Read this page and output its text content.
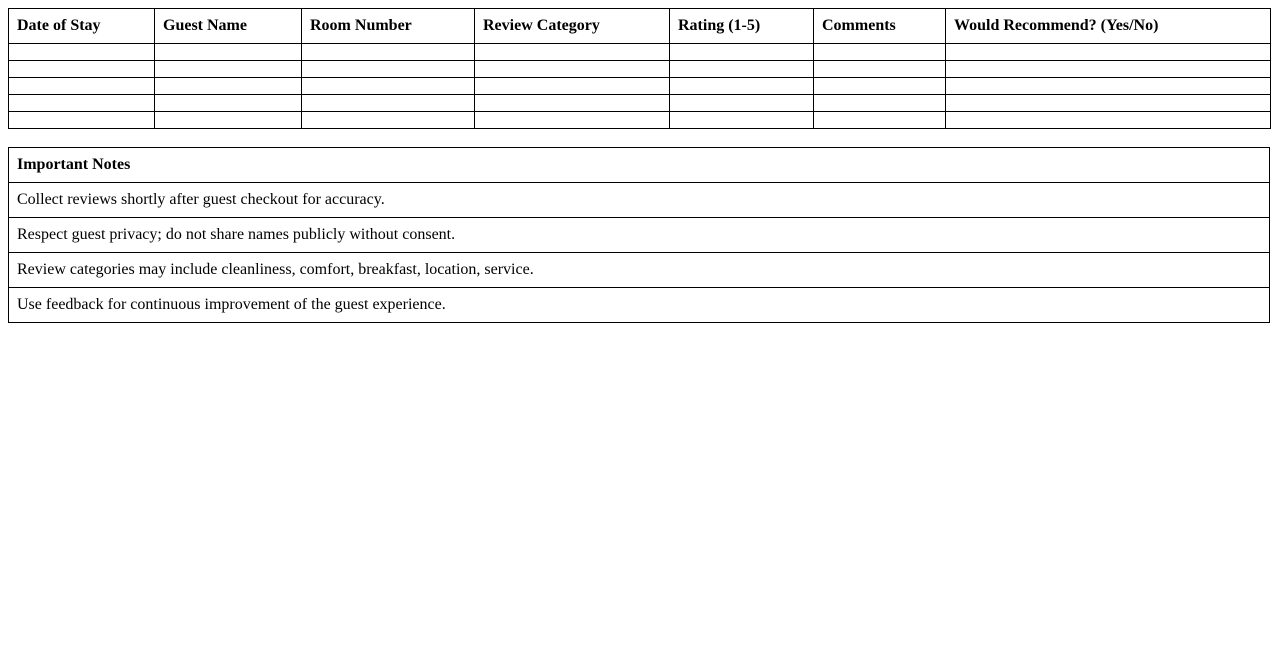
Date of Stay	Guest Name	Room Number	Review Category	Rating (1-5)	Comments	Would Recommend? (Yes/No)

Important Notes
Collect reviews shortly after guest checkout for accuracy.
Respect guest privacy; do not share names publicly without consent.
Review categories may include cleanliness, comfort, breakfast, location, service.
Use feedback for continuous improvement of the guest experience.
